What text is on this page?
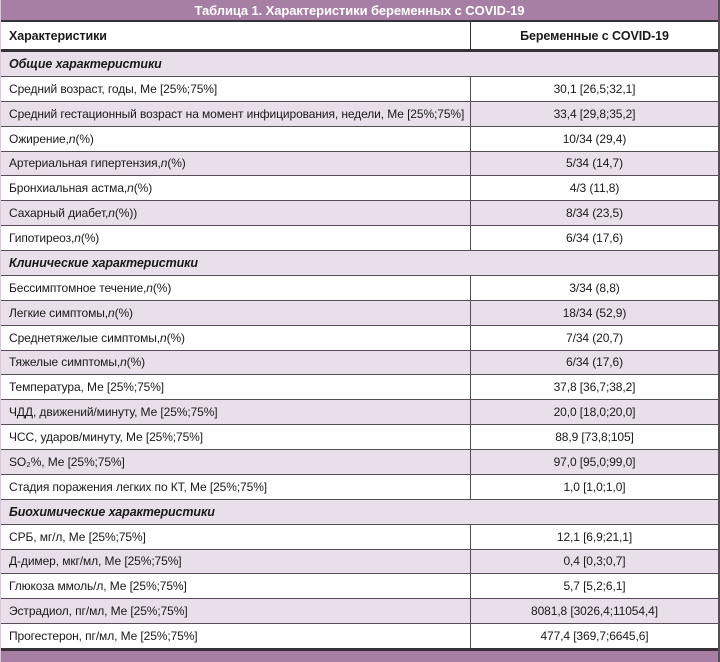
Таблица 1. Характеристики беременных с COVID-19
Характеристики	Беременные с COVID-19
Общие характеристики
Средний возраст, годы, Ме [25%;75%]	30,1 [26,5;32,1]
Средний гестационный возраст на момент инфицирования, недели, Ме [25%;75%]	33,4 [29,8;35,2]
Ожирение, n (%)	10/34 (29,4)
Артериальная гипертензия, n (%)	5/34 (14,7)
Бронхиальная астма, n (%)	4/3 (11,8)
Сахарный диабет, n (%))	8/34 (23,5)
Гипотиреоз, n (%)	6/34 (17,6)
Клинические характеристики
Бессимптомное течение, n (%)	3/34 (8,8)
Легкие симптомы, n (%)	18/34 (52,9)
Среднетяжелые симптомы, n (%)	7/34 (20,7)
Тяжелые симптомы, n (%)	6/34 (17,6)
Температура, Ме [25%;75%]	37,8 [36,7;38,2]
ЧДД, движений/минуту, Ме [25%;75%]	20,0 [18,0;20,0]
ЧСС, ударов/минуту, Ме [25%;75%]	88,9 [73,8;105]
SO₂%, Ме [25%;75%]	97,0 [95,0;99,0]
Стадия поражения легких по КТ, Ме [25%;75%]	1,0 [1,0;1,0]
Биохимические характеристики
СРБ, мг/л, Ме [25%;75%]	12,1 [6,9;21,1]
Д-димер, мкг/мл, Ме [25%;75%]	0,4 [0,3;0,7]
Глюкоза ммоль/л, Ме [25%;75%]	5,7 [5,2;6,1]
Эстрадиол, пг/мл, Ме [25%;75%]	8081,8 [3026,4;11054,4]
Прогестерон, пг/мл, Ме [25%;75%]	477,4 [369,7;6645,6]
